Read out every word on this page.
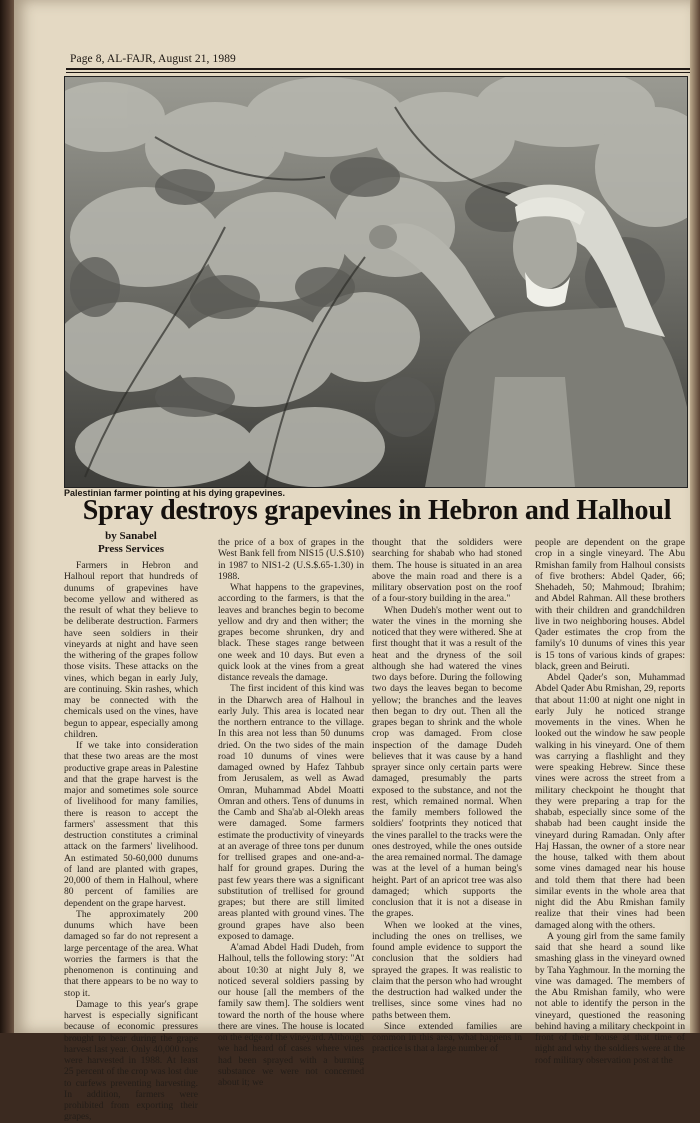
Page 8, AL-FAJR, August 21, 1989
Palestinian farmer pointing at his dying grapevines.
Spray destroys grapevines in Hebron and Halhoul
by Sanabel
Press Services

Farmers in Hebron and Halhoul report that hundreds of dunums of grapevines have become yellow and withered as the result of what they believe to be deliberate destruction. Farmers have seen soldiers in their vineyards at night and have seen the withering of the grapes follow those visits. These attacks on the vines, which began in early July, are continuing. Skin rashes, which may be connected with the chemicals used on the vines, have begun to appear, especially among children.

If we take into consideration that these two areas are the most productive grape areas in Palestine and that the grape harvest is the major and sometimes sole source of livelihood for many families, there is reason to accept the farmers' assessment that this destruction constitutes a criminal attack on the farmers' livelihood. An estimated 50-60,000 dunums of land are planted with grapes, 20,000 of them in Halhoul, where 80 percent of families are dependent on the grape harvest.

The approximately 200 dunums which have been damaged so far do not represent a large percentage of the area. What worries the farmers is that the phenomenon is continuing and that there appears to be no way to stop it.

Damage to this year's grape harvest is especially significant because of economic pressures brought to bear during the grape harvest last year. Only 40,000 tons were harvested in 1988. At least 25 percent of the crop was lost due to curfews preventing harvesting. In addition, farmers were prohibited from exporting their grapes,

the price of a box of grapes in the West Bank fell from NIS15 (U.S.$10) in 1987 to NIS1-2 (U.S.$.65-1.30) in 1988.

What happens to the grapevines, according to the farmers, is that the leaves and branches begin to become yellow and dry and then wither; the grapes become shrunken, dry and black. These stages range between one week and 10 days. But even a quick look at the vines from a great distance reveals the damage.

The first incident of this kind was in the Dharwch area of Halhoul in early July. This area is located near the northern entrance to the village. In this area not less than 50 dunums dried. On the two sides of the main road 10 dunums of vines were damaged owned by Hafez Tahbub from Jerusalem, as well as Awad Omran, Muhammad Abdel Moatti Omran and others. Tens of dunums in the Camb and Sha'ab al-Olekh areas were damaged. Some farmers estimate the productivity of vineyards at an average of three tons per dunum for trellised grapes and one-and-a-half for ground grapes. During the past few years there was a significant substitution of trellised for ground grapes; but there are still limited areas planted with ground vines. The ground grapes have also been exposed to damage.

A'amad Abdel Hadi Dudeh, from Halhoul, tells the following story: "At about 10:30 at night July 8, we noticed several soldiers passing by our house [all the members of the family saw them]. The soldiers went toward the north of the house where there are vines. The house is located on the edge of the vineyard. Although we had heard of cases where vines had been sprayed with a burning substance we were not concerned about it; we

thought that the soldiders were searching for shabab who had stoned them. The house is situated in an area above the main road and there is a military observation post on the roof of a four-story building in the area."

When Dudeh's mother went out to water the vines in the morning she noticed that they were withered. She at first thought that it was a result of the heat and the dryness of the soil although she had watered the vines two days before. During the following two days the leaves began to become yellow; the branches and the leaves then began to dry out. Then all the grapes began to shrink and the whole crop was damaged. From close inspection of the damage Dudeh believes that it was cause by a hand sprayer since only certain parts were damaged, presumably the parts exposed to the substance, and not the rest, which remained normal. When the family members followed the soldiers' footprints they noticed that the vines parallel to the tracks were the ones destroyed, while the ones outside the area remained normal. The damage was at the level of a human being's height. Part of an apricot tree was also damaged; which supports the conclusion that it is not a disease in the grapes.

When we looked at the vines, including the ones on trellises, we found ample evidence to support the conclusion that the soldiers had sprayed the grapes. It was realistic to claim that the person who had wrought the destruction had walked under the trellises, since some vines had no paths between them.

Since extended families are common in this area, what happens in practice is that a large number of

people are dependent on the grape crop in a single vineyard. The Abu Rmishan family from Halhoul consists of five brothers: Abdel Qader, 66; Shehadeh, 50; Mahmoud; Ibrahim; and Abdel Rahman. All these brothers with their children and grandchildren live in two neighboring houses. Abdel Qader estimates the crop from the family's 10 dunums of vines this year is 15 tons of various kinds of grapes: black, green and Beiruti.

Abdel Qader's son, Muhammad Abdel Qader Abu Rmishan, 29, reports that about 11:00 at night one night in early July he noticed strange movements in the vines. When he looked out the window he saw people walking in his vineyard. One of them was carrying a flashlight and they were speaking Hebrew. Since these vines were across the street from a military checkpoint he thought that they were preparing a trap for the shabab, especially since some of the shabab had been caught inside the vineyard during Ramadan. Only after Haj Hassan, the owner of a store near the house, talked with them about some vines damaged near his house and told them that there had been similar events in the whole area that night did the Abu Rmishan family realize that their vines had been damaged along with the others.

A young girl from the same family said that she heard a sound like smashing glass in the vineyard owned by Taha Yaghmour. In the morning the vine was damaged. The members of the Abu Rmishan family, who were not able to identify the person in the vineyard, questioned the reasoning behind having a military checkpoint in front of their house at that time of night and why the soldiers were at the roof military observation post at the
